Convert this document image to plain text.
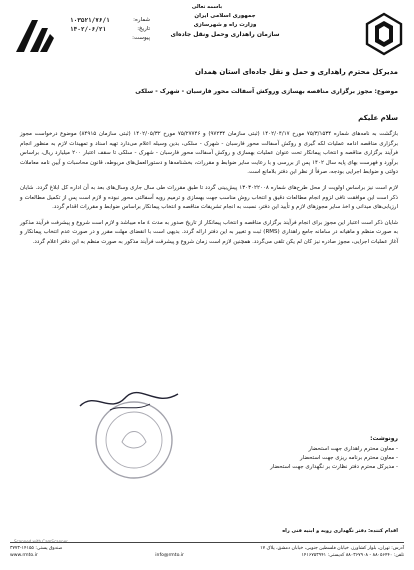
باسمه تعالی
جمهوری اسلامی ایران
وزارت راه و شهرسازی
سازمان راهداری وحمل ونقل جاده‌ای
شماره:
۱۰۳۵۲۱/۷۶/۱
تاریخ:
۱۴۰۲/۰۶/۲۱
پیوست:
مدیرکل محترم راهداری و حمل و نقل جاده‌ای استان همدان
موضوع: مجوز برگزاری مناقصه بهسازی وروکش آسفالت محور فارسبان - شهرک - سلکی
سلام علیکم

بازگشت به نامه‌های شماره ۷۵/۳/۱۵۳۴ مورخ ۱۴۰۲/۰۴/۱۷ (ثبتی سازمان ۹۷۲۳۴) و ۷۵/۲۷۷۴۶ مورخ ۱۴۰۲/۰۵/۳۲ (ثبتی سازمان ۸۴۹۱۵) موضوع درخواست مجوز برگزاری مناقصه ادامه عملیات لکه گیری و روکش آسفالت محور فارسبان - شهرک - سلکی، بدین وسیله اعلام می‌دارد تهیه اسناد و تمهیدات لازم به منظور انجام فرآیند برگزاری مناقصه و انتخاب پیمانکار تحت عنوان عملیات بهسازی و روکش آسفالت محور فارسبان - شهرک - سلکی تا سقف اعتبار ۲۰۰ میلیارد ریال، براساس برآورد و فهرست بهای پایه سال ۱۴۰۲ پس از بررسی و با رعایت سایر ضوابط و مقررات، بخشنامه‌ها و دستورالعمل‌های مربوطه، قانون محاسبات و آیین نامه معاملات دولتی و ضوابط اجرایی بودجه، صرفاً از نظر این دفتر بلامانع است.

لازم است نیز براساس اولویت از محل طرح‌های شماره ۱۳۰۳۰۲۲۰۰۸ پیش‌بینی گردد تا طبق مقررات طی سال جاری وسال‌های بعد به آن اداره کل ابلاغ گردد. شایان ذکر است این موافقت نافی لزوم انجام مطالعات دقیق و انتخاب روش مناسب جهت بهسازی و ترمیم رویه آسفالتی محور نبوده و لازم است پس از تکمیل مطالعات و ارزیابی‌های میدانی و اخذ سایر مجوزهای لازم و تأیید این دفتر، نسبت به انجام تشریفات مناقصه و انتخاب پیمانکار براساس ضوابط و مقررات اقدام گردد.

شایان ذکر است اعتبار این مجوز برای انجام فرآیند برگزاری مناقصه و انتخاب پیمانکار از تاریخ صدور به مدت ٤ ماه میباشد و لازم است شروع و پیشرفت فرآیند مذکور به صورت منظم و ماهیانه در سامانه جامع راهداری (RMS) ثبت و تغییر به این دفتر ارائه گردد. بدیهی است با انقضای مهلت مقرر و در صورت عدم انتخاب پیمانکار و آغاز عملیات اجرایی، مجوز صادره نیز کان لم یکن تلقی می‌گردد. همچنین لازم است زمان شروع و پیشرفت فرآیند مذکور به صورت منظم به این دفتر اعلام گردد.

رونوشت:
- معاون محترم راهداری جهت استحضار
- معاون محترم برنامه ریزی جهت استحضار
- مدیرکل محترم دفتر نظارت بر نگهداری جهت استحضار
اقدام کننده: دفتر نگهداری رویه و ابنیه فنی راه
Scanned with CamScanner
آدرس: تهران، بلوار کشاورز، خیابان فلسطین جنوبی، خیابان دمشق، پلاک ۱۷
صندوق پستی: ۱۴۱۵۵-۳۷۷۳
تلفن: ۸۸۰۵۶۴۴۰ - ۸۸۰۳۶۷۹۰۸ کدپستی: ۱۴۱۶۷۵۳۹۴۱
info@rmto.ir
www.rmto.ir
